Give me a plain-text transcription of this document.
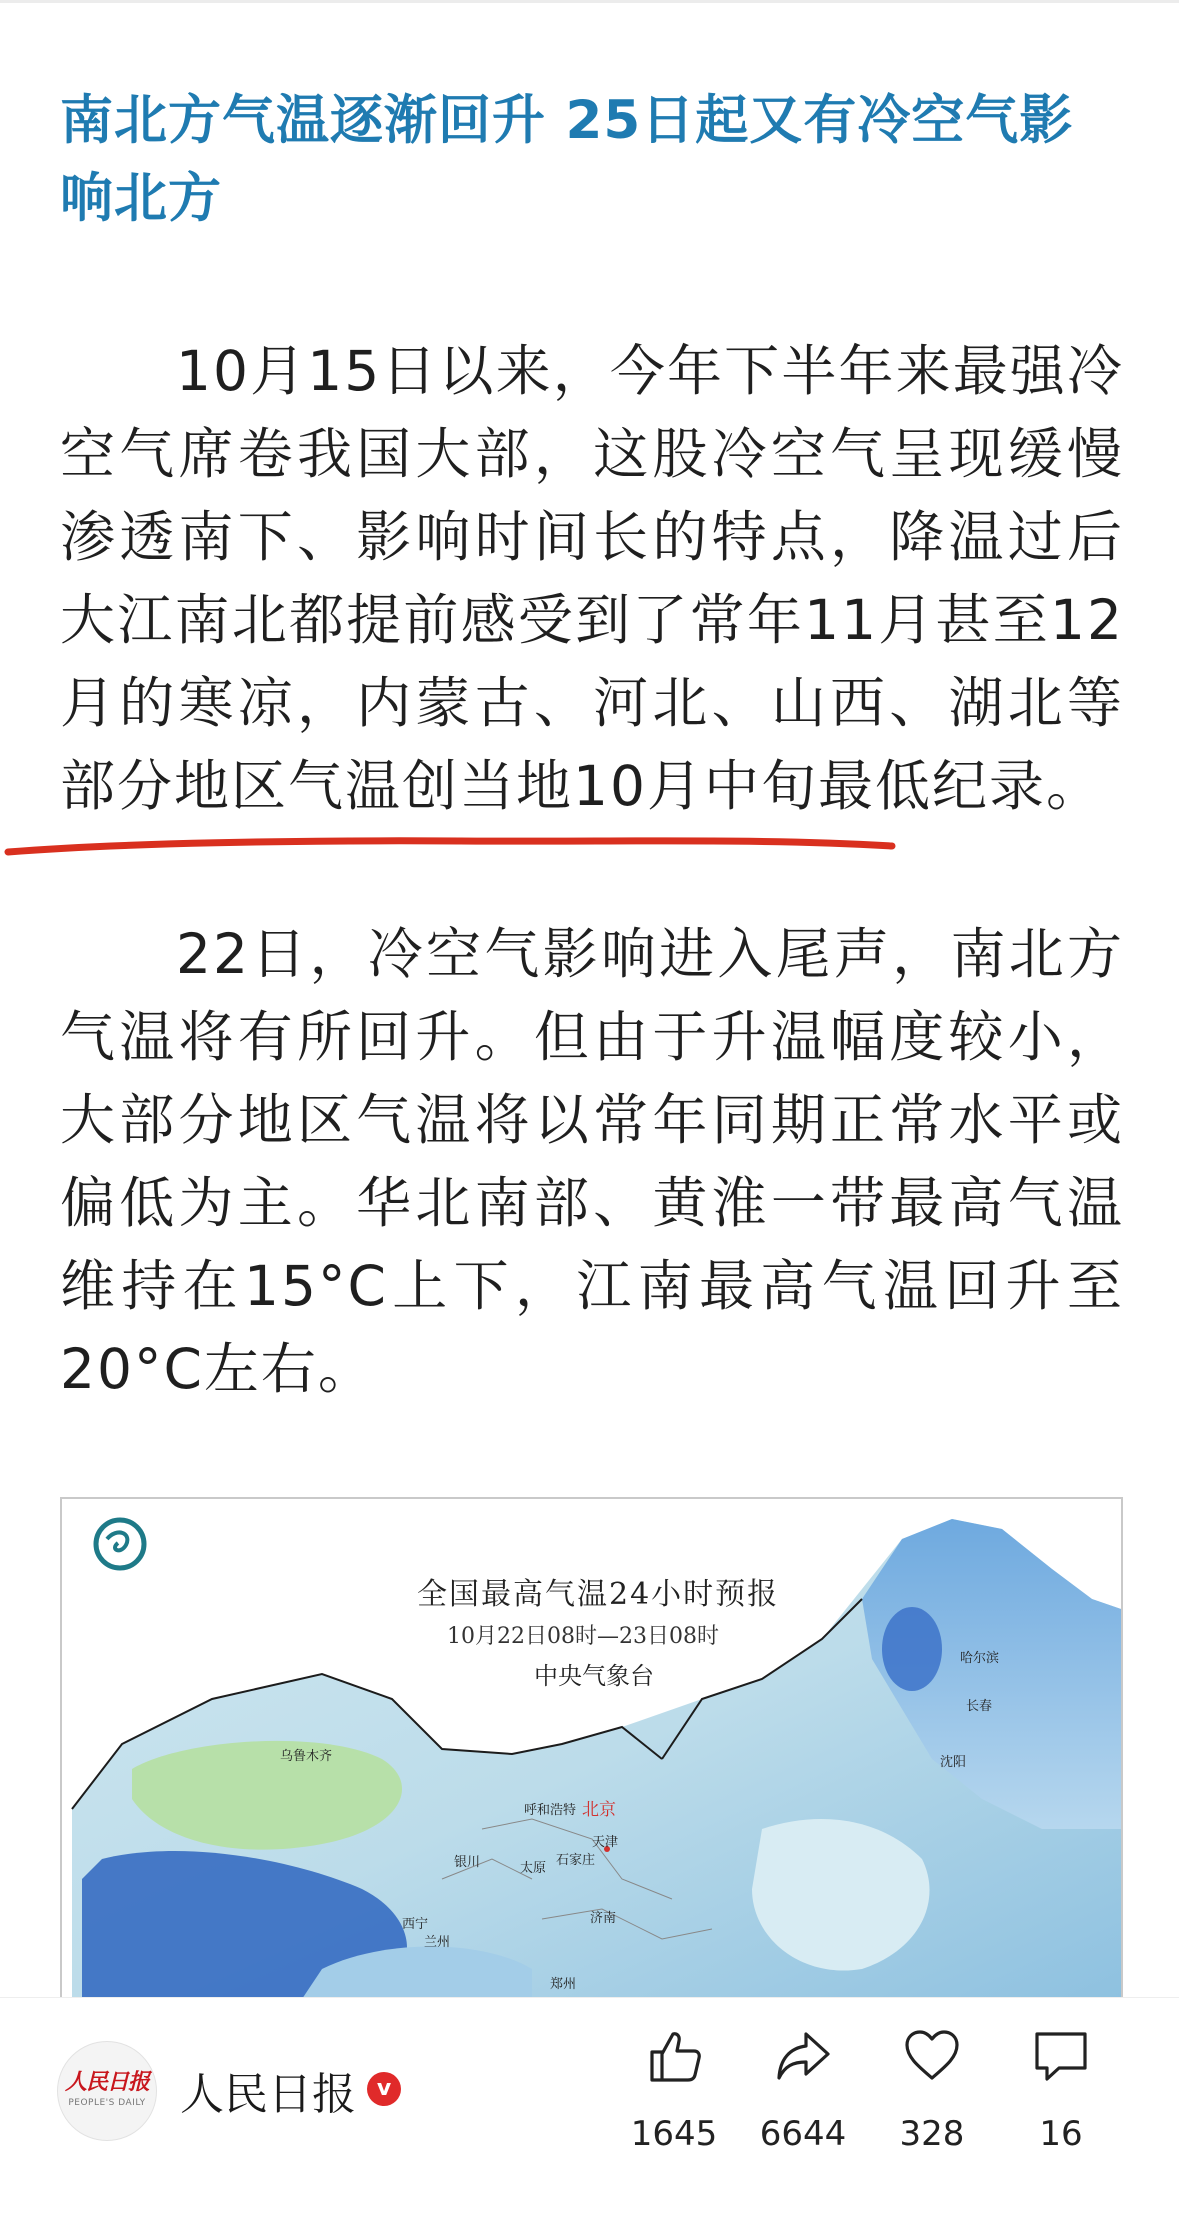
南北方气温逐渐回升 25日起又有冷空气影响北方

10月15日以来，今年下半年来最强冷空气席卷我国大部，这股冷空气呈现缓慢渗透南下、影响时间长的特点，降温过后大江南北都提前感受到了常年11月甚至12月的寒凉，内蒙古、河北、山西、湖北等部分地区气温创当地10月中旬最低纪录。

22日，冷空气影响进入尾声，南北方气温将有所回升。但由于升温幅度较小，大部分地区气温将以常年同期正常水平或偏低为主。华北南部、黄淮一带最高气温维持在15°C上下，江南最高气温回升至20°C左右。

全国最高气温24小时预报
10月22日08时—23日08时
中央气象台
乌鲁木齐
哈尔滨
长春
沈阳
呼和浩特 北京
天津
银川	太原
石家庄
西宁
兰州
济南
郑州
人民日报
PEOPLE'S DAILY 人民日报 v
1645	6644	328	16
